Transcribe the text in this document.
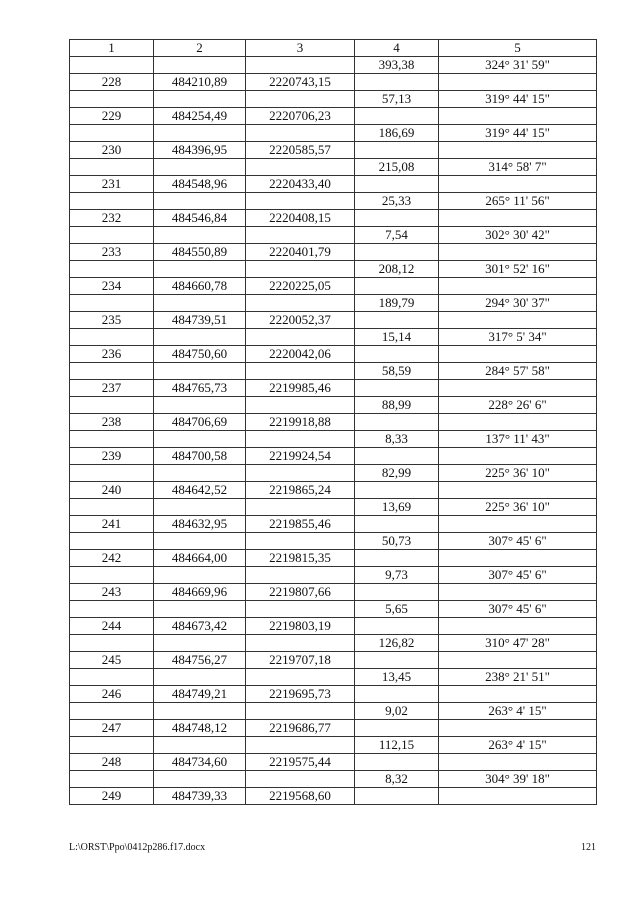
1	2	3	4	5
			393,38	324° 31' 59"
228	484210,89	2220743,15		
			57,13	319° 44' 15"
229	484254,49	2220706,23		
			186,69	319° 44' 15"
230	484396,95	2220585,57		
			215,08	314° 58' 7"
231	484548,96	2220433,40		
			25,33	265° 11' 56"
232	484546,84	2220408,15		
			7,54	302° 30' 42"
233	484550,89	2220401,79		
			208,12	301° 52' 16"
234	484660,78	2220225,05		
			189,79	294° 30' 37"
235	484739,51	2220052,37		
			15,14	317° 5' 34"
236	484750,60	2220042,06		
			58,59	284° 57' 58"
237	484765,73	2219985,46		
			88,99	228° 26' 6"
238	484706,69	2219918,88		
			8,33	137° 11' 43"
239	484700,58	2219924,54		
			82,99	225° 36' 10"
240	484642,52	2219865,24		
			13,69	225° 36' 10"
241	484632,95	2219855,46		
			50,73	307° 45' 6"
242	484664,00	2219815,35		
			9,73	307° 45' 6"
243	484669,96	2219807,66		
			5,65	307° 45' 6"
244	484673,42	2219803,19		
			126,82	310° 47' 28"
245	484756,27	2219707,18		
			13,45	238° 21' 51"
246	484749,21	2219695,73		
			9,02	263° 4' 15"
247	484748,12	2219686,77		
			112,15	263° 4' 15"
248	484734,60	2219575,44		
			8,32	304° 39' 18"
249	484739,33	2219568,60		
L:\ORST\Ppo\0412p286.f17.docx	121
